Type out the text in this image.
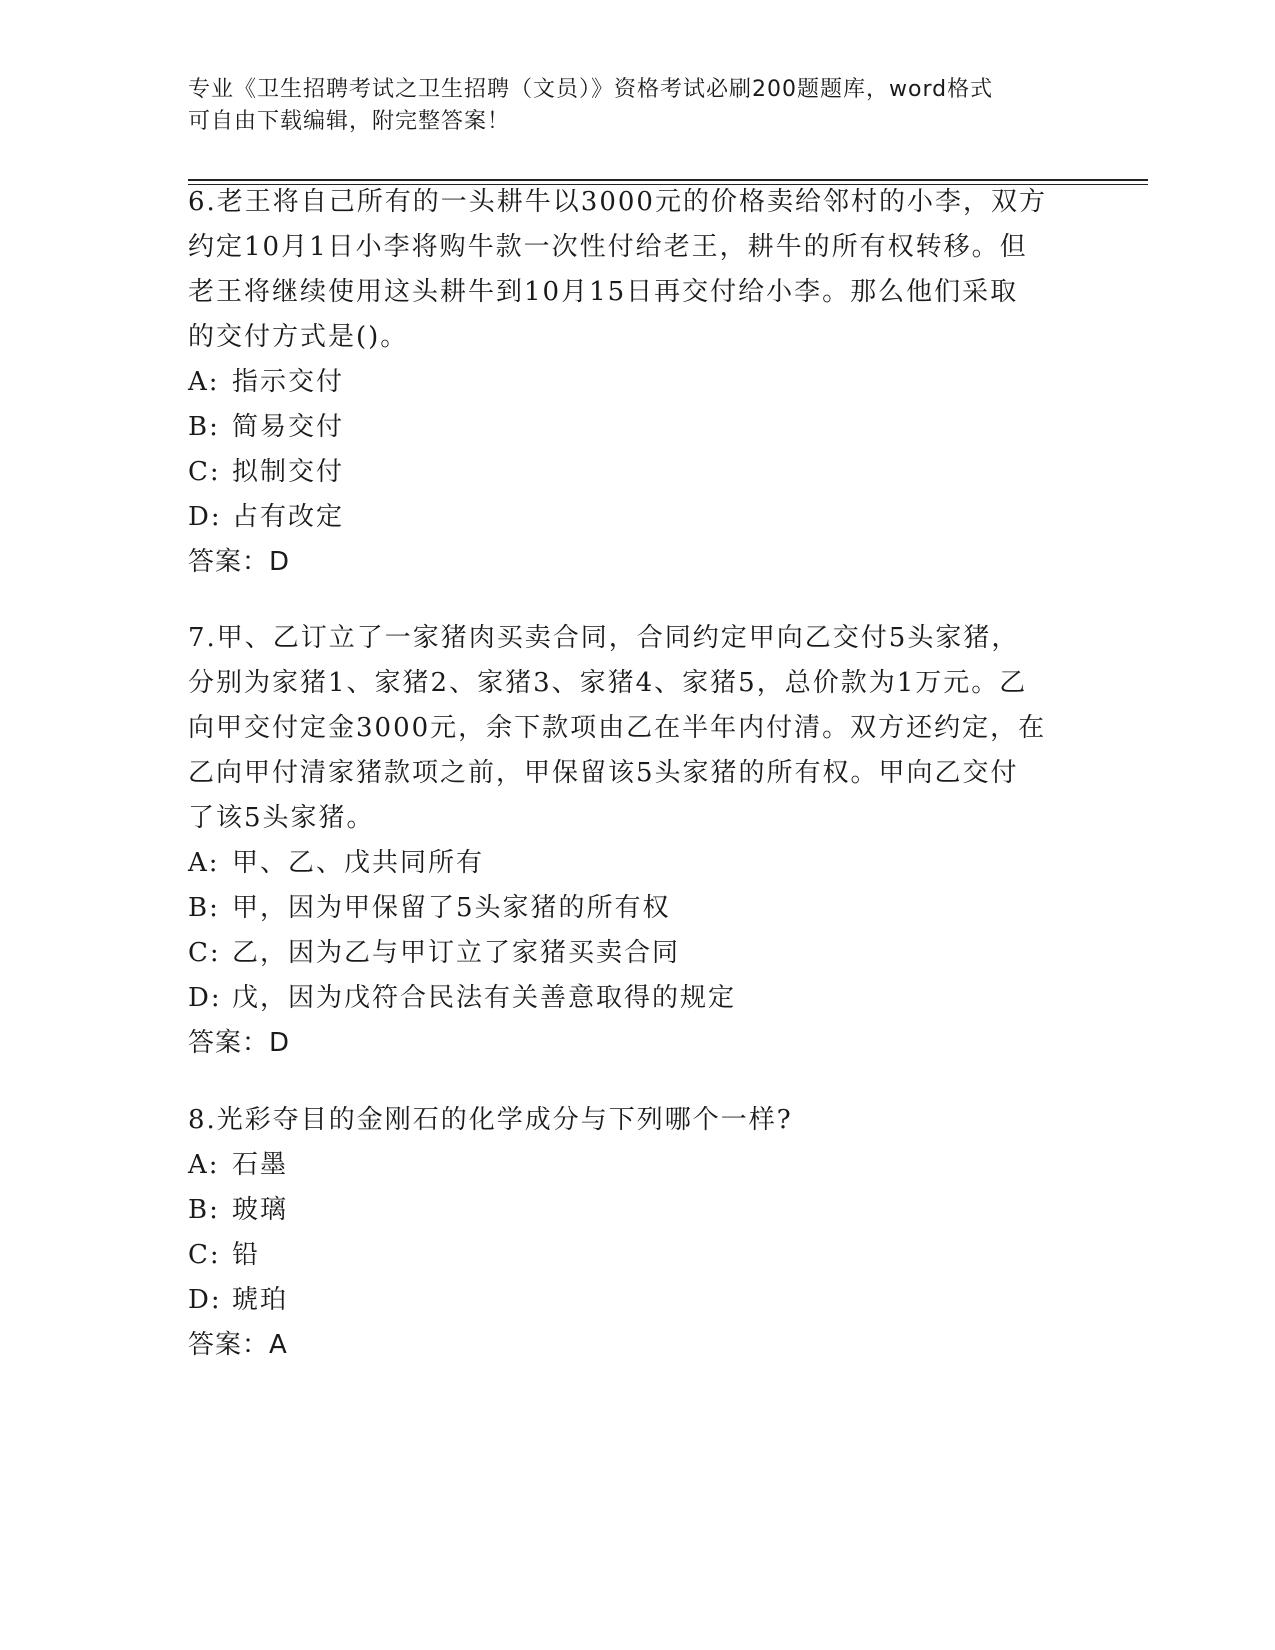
专业《卫生招聘考试之卫生招聘（文员）》资格考试必刷200题题库，word格式
可自由下载编辑，附完整答案！
6.老王将自己所有的一头耕牛以3000元的价格卖给邻村的小李，双方
约定10月1日小李将购牛款一次性付给老王，耕牛的所有权转移。但
老王将继续使用这头耕牛到10月15日再交付给小李。那么他们采取
的交付方式是()。
A: 指示交付
B: 简易交付
C: 拟制交付
D: 占有改定
答案：D
7.甲、乙订立了一家猪肉买卖合同，合同约定甲向乙交付5头家猪，
分别为家猪1、家猪2、家猪3、家猪4、家猪5，总价款为1万元。乙
向甲交付定金3000元，余下款项由乙在半年内付清。双方还约定，在
乙向甲付清家猪款项之前，甲保留该5头家猪的所有权。甲向乙交付
了该5头家猪。
A: 甲、乙、戊共同所有
B: 甲，因为甲保留了5头家猪的所有权
C: 乙，因为乙与甲订立了家猪买卖合同
D: 戊，因为戊符合民法有关善意取得的规定
答案：D
8.光彩夺目的金刚石的化学成分与下列哪个一样?
A: 石墨
B: 玻璃
C: 铅
D: 琥珀
答案：A
